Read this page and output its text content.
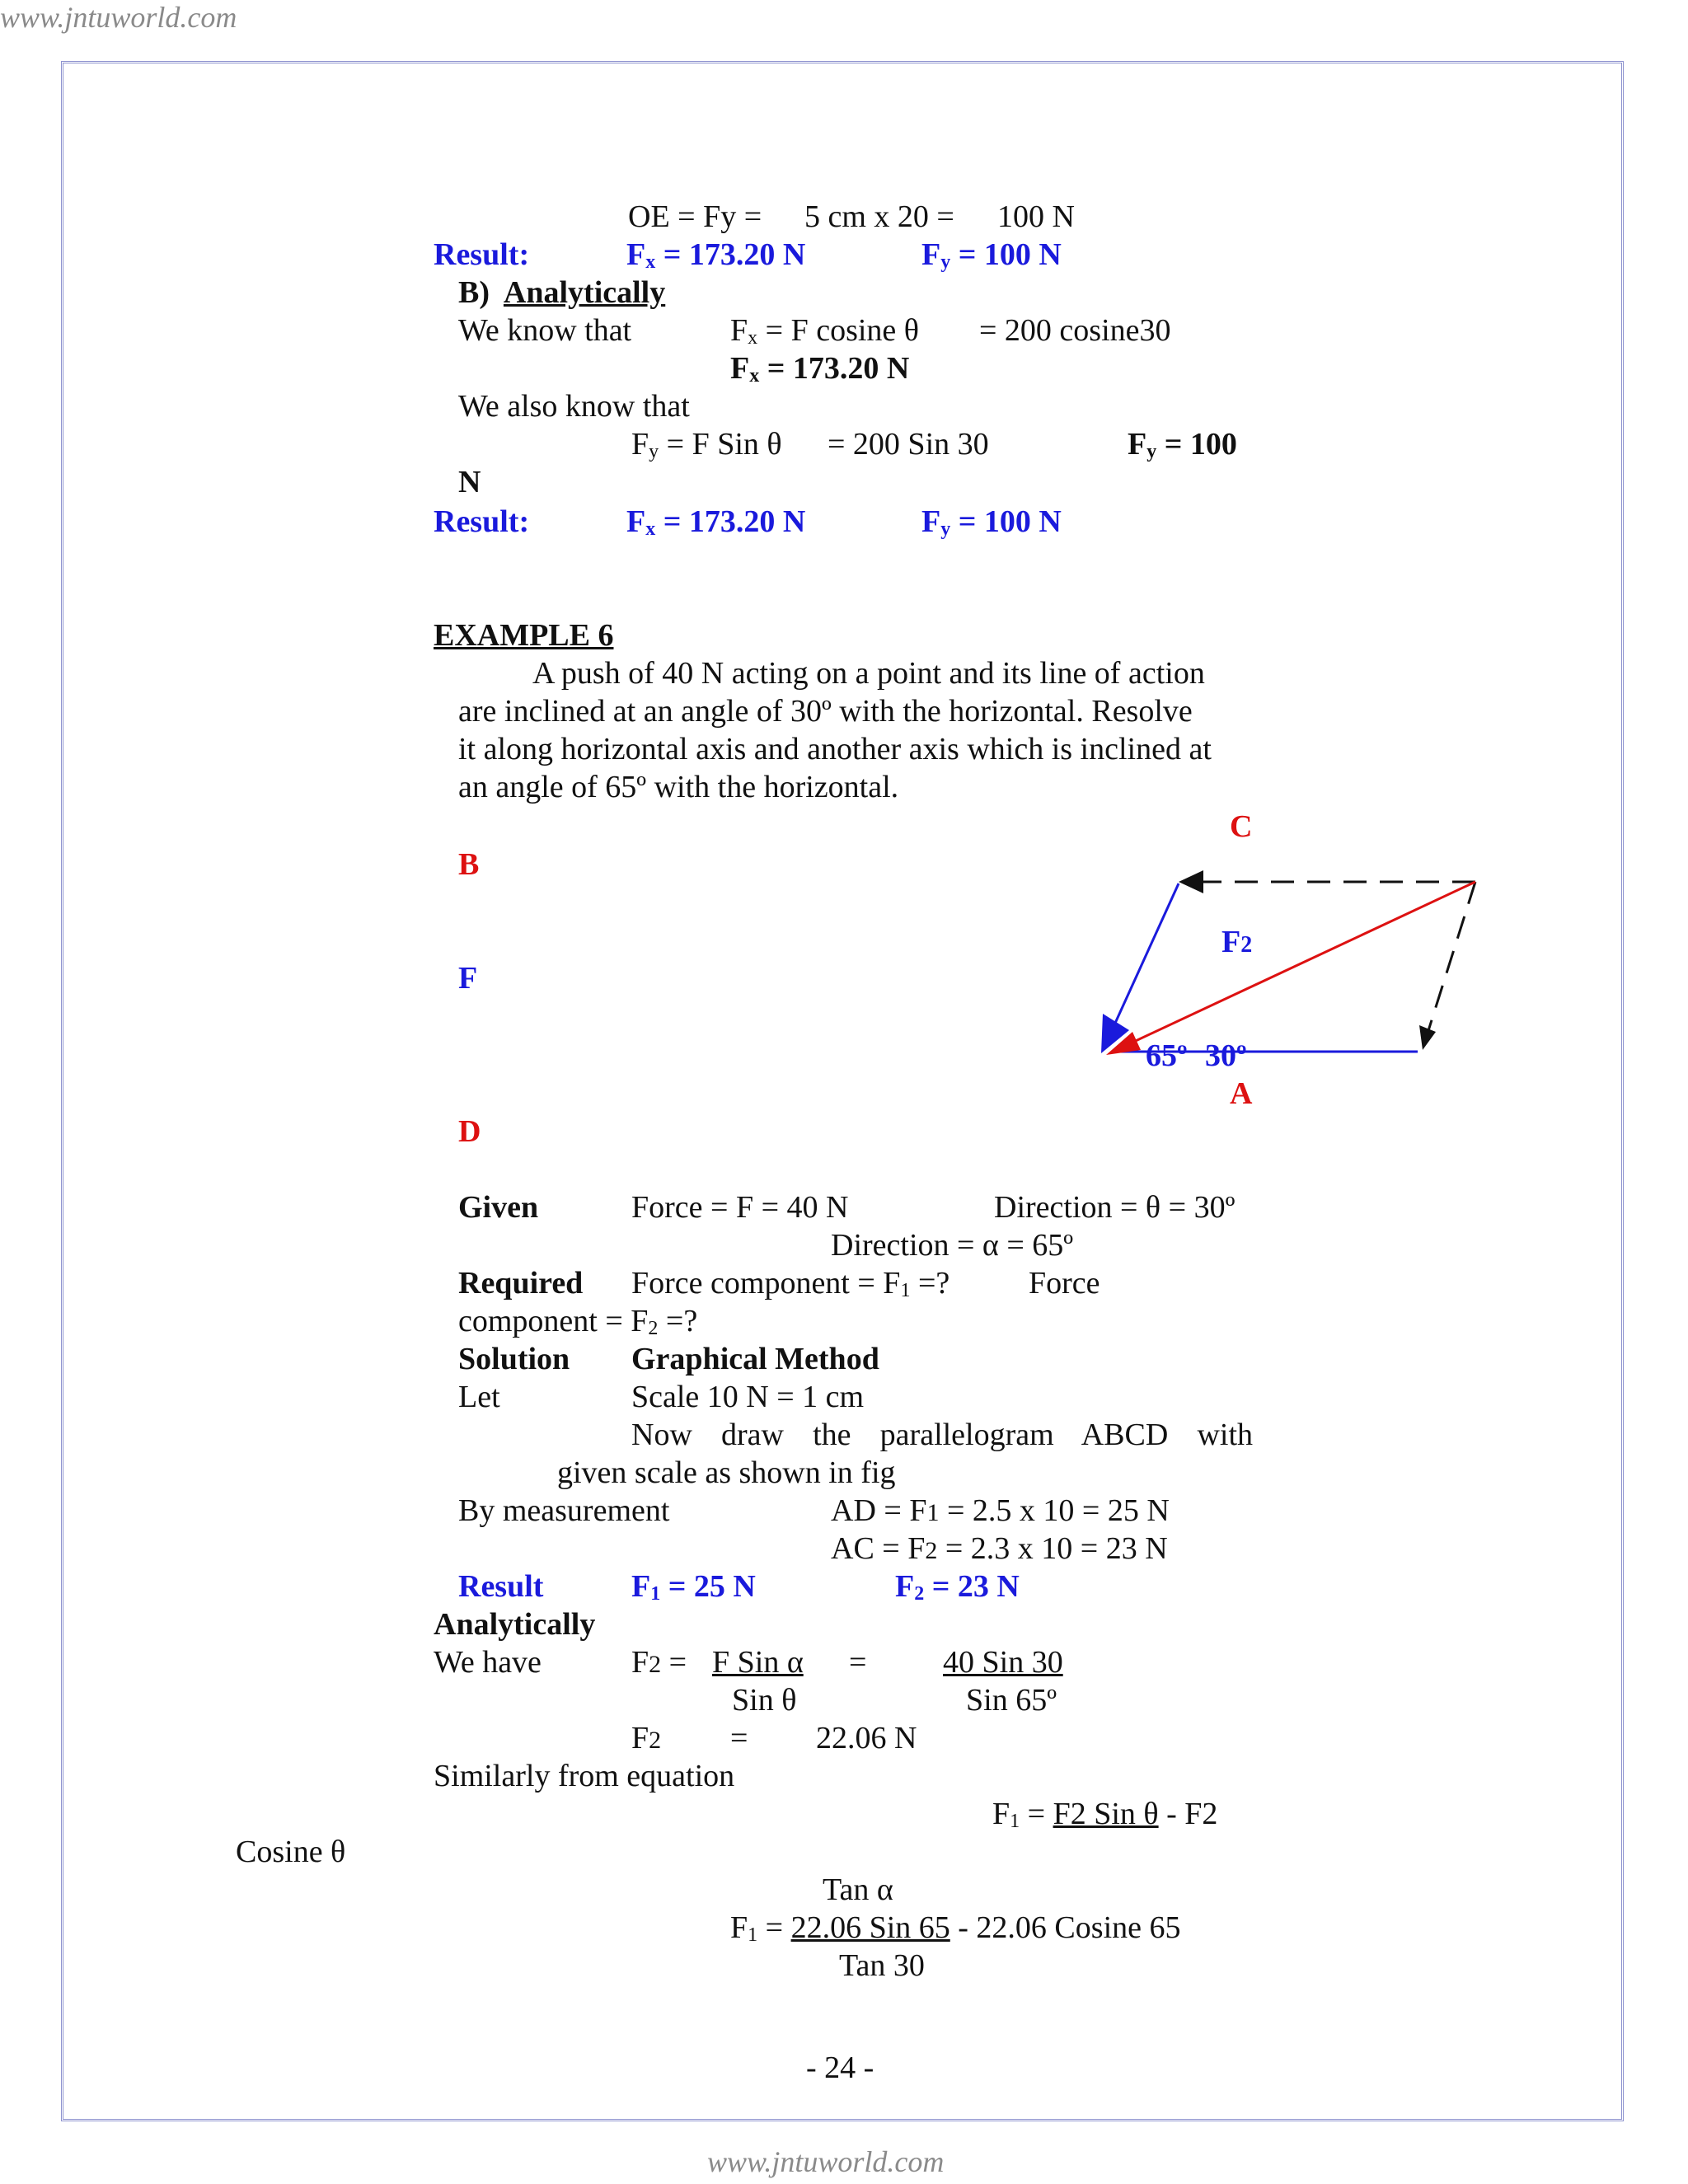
www.jntuworld.com
www.jntuworld.com
OE = Fy = 5 cm x 20 = 100 N
Result:	$F_x = 173.20$ N	$F_y = 100$ N
B) Analytically
We know that	$F_x = F$ cosine θ = 200 cosine30
$F_x = 173.20$ N
We also know that
$F_y = F$ Sin θ = 200 Sin 30	$F_y = 100$
N
Result:	$F_x = 173.20$ N	$F_y = 100$ N
EXAMPLE 6
A push of 40 N acting on a point and its line of action
are inclined at an angle of 30º with the horizontal. Resolve
it along horizontal axis and another axis which is inclined at
an angle of 65º with the horizontal.
B
F
D
C
F2
65º 30º
A
Given	Force = F = 40 N	Direction = θ = 30º
Direction = α = 65º
Required Force component = $F_1$ =?	Force
component = $F_2$ =?
Solution Graphical Method
Let	Scale 10 N = 1 cm
Now draw the parallelogram ABCD with
given scale as shown in fig
By measurement	AD = F1 = 2.5 x 10 = 25 N
AC = F2 = 2.3 x 10 = 23 N
Result	$F_1 = 25$ N	$F_2 = 23$ N
Analytically
We have	F2 = F Sin α = 40 Sin 30
Sin θ	Sin 65º
F2 = 22.06 N
Similarly from equation
$F_1 = F2$ Sin θ - F2
Cosine θ
Tan α
$F_1 = 22.06$ Sin 65 - 22.06 Cosine 65
Tan 30
- 24 -
